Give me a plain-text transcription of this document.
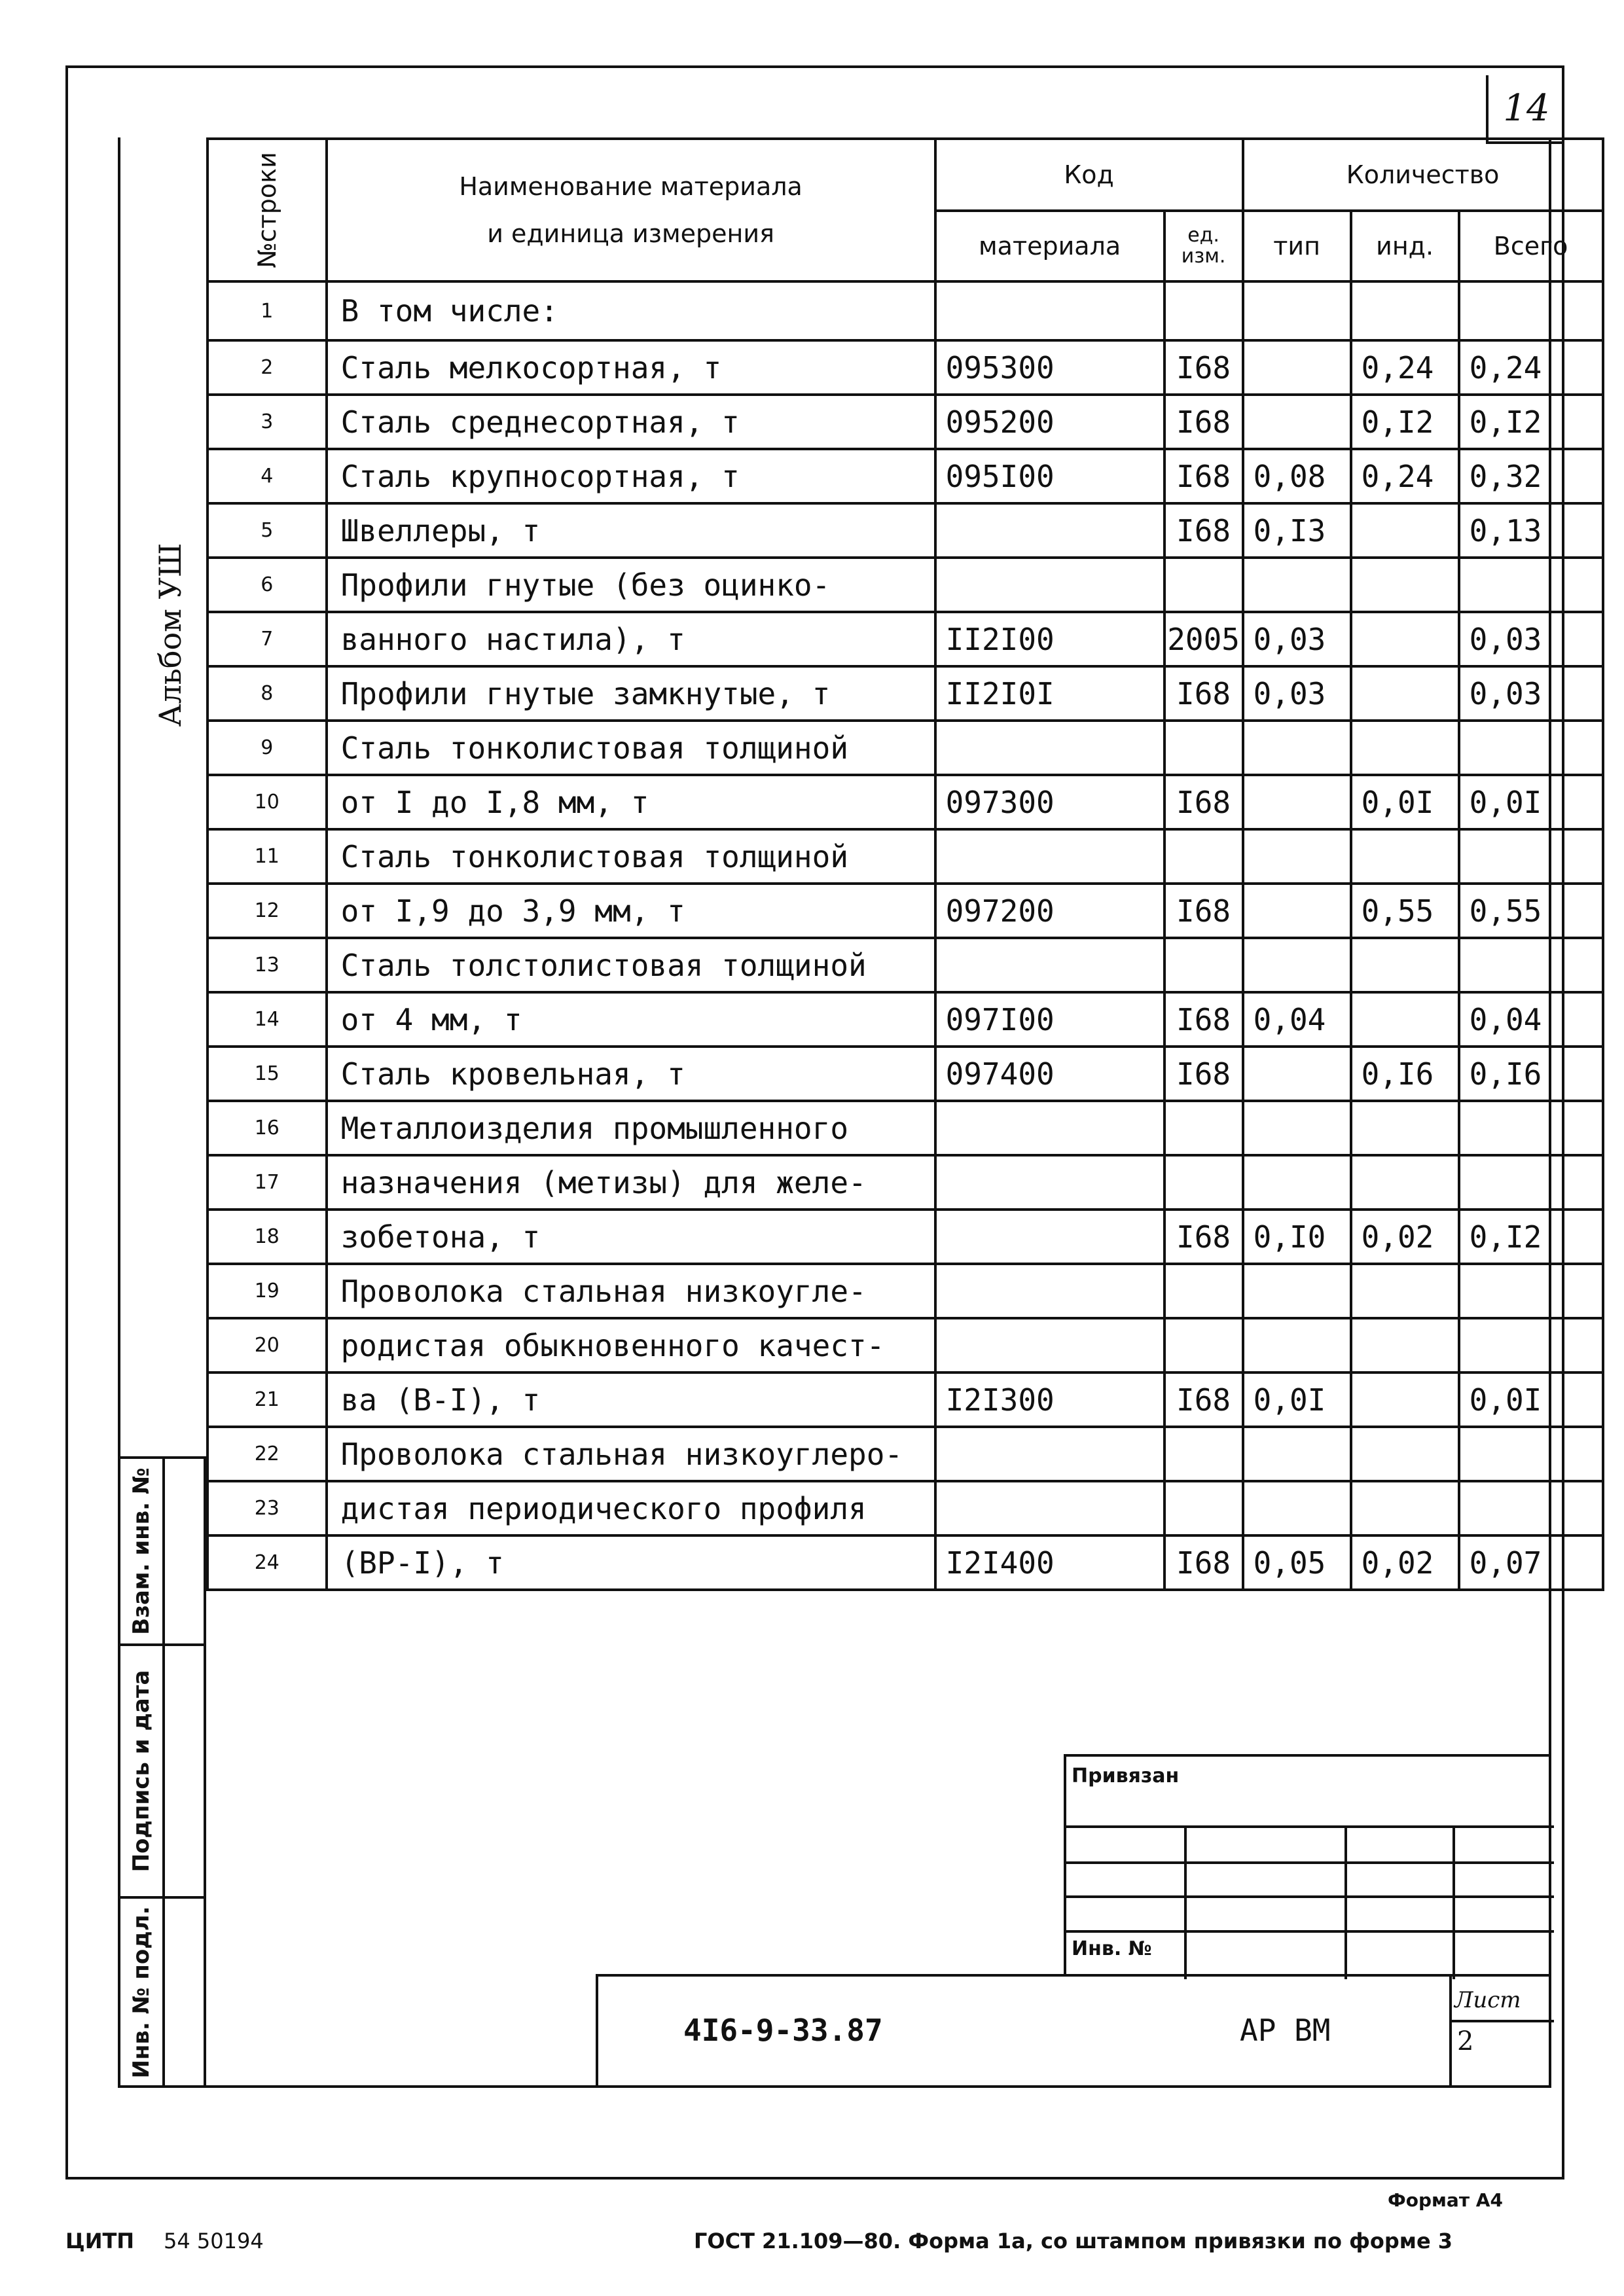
14
Альбом УШ
№строки	Наименование материала
и единица измерения	Код		Количество		
		материала	ед. изм.	тип	инд.	Всего
1	В том числе:					
2	Сталь мелкосортная, т	095300	I68		0,24	0,24
3	Сталь среднесортная, т	095200	I68		0,I2	0,I2
4	Сталь крупносортная, т	095I00	I68	0,08	0,24	0,32
5	Швеллеры, т		I68	0,I3		0,13
6	Профили гнутые (без оцинко-					
7	ванного настила), т	II2I00	2005	0,03		0,03
8	Профили гнутые замкнутые, т	II2I0I	I68	0,03		0,03
9	Сталь тонколистовая толщиной					
10	от I до I,8 мм, т	097300	I68		0,0I	0,0I
11	Сталь тонколистовая толщиной					
12	от I,9 до 3,9 мм, т	097200	I68		0,55	0,55
13	Сталь толстолистовая толщиной					
14	от 4 мм, т	097I00	I68	0,04		0,04
15	Сталь кровельная, т	097400	I68		0,I6	0,I6
16	Металлоизделия промышленного					
17	назначения (метизы) для желе-					
18	зобетона, т		I68	0,I0	0,02	0,I2
19	Проволока стальная низкоугле-					
20	родистая обыкновенного качест-					
21	ва (В-I), т	I2I300	I68	0,0I		0,0I
22	Проволока стальная низкоуглеро-					
23	дистая периодического профиля					
24	(ВР-I), т	I2I400	I68	0,05	0,02	0,07
Взам. инв. №
Подпись и дата
Инв. № подл.
Привязан
Инв. №
4I6-9-33.87	АР ВМ
Лист
2
Формат А4
ЦИТП 54 50194	ГОСТ 21.109—80. Форма 1а, со штампом привязки по форме 3
